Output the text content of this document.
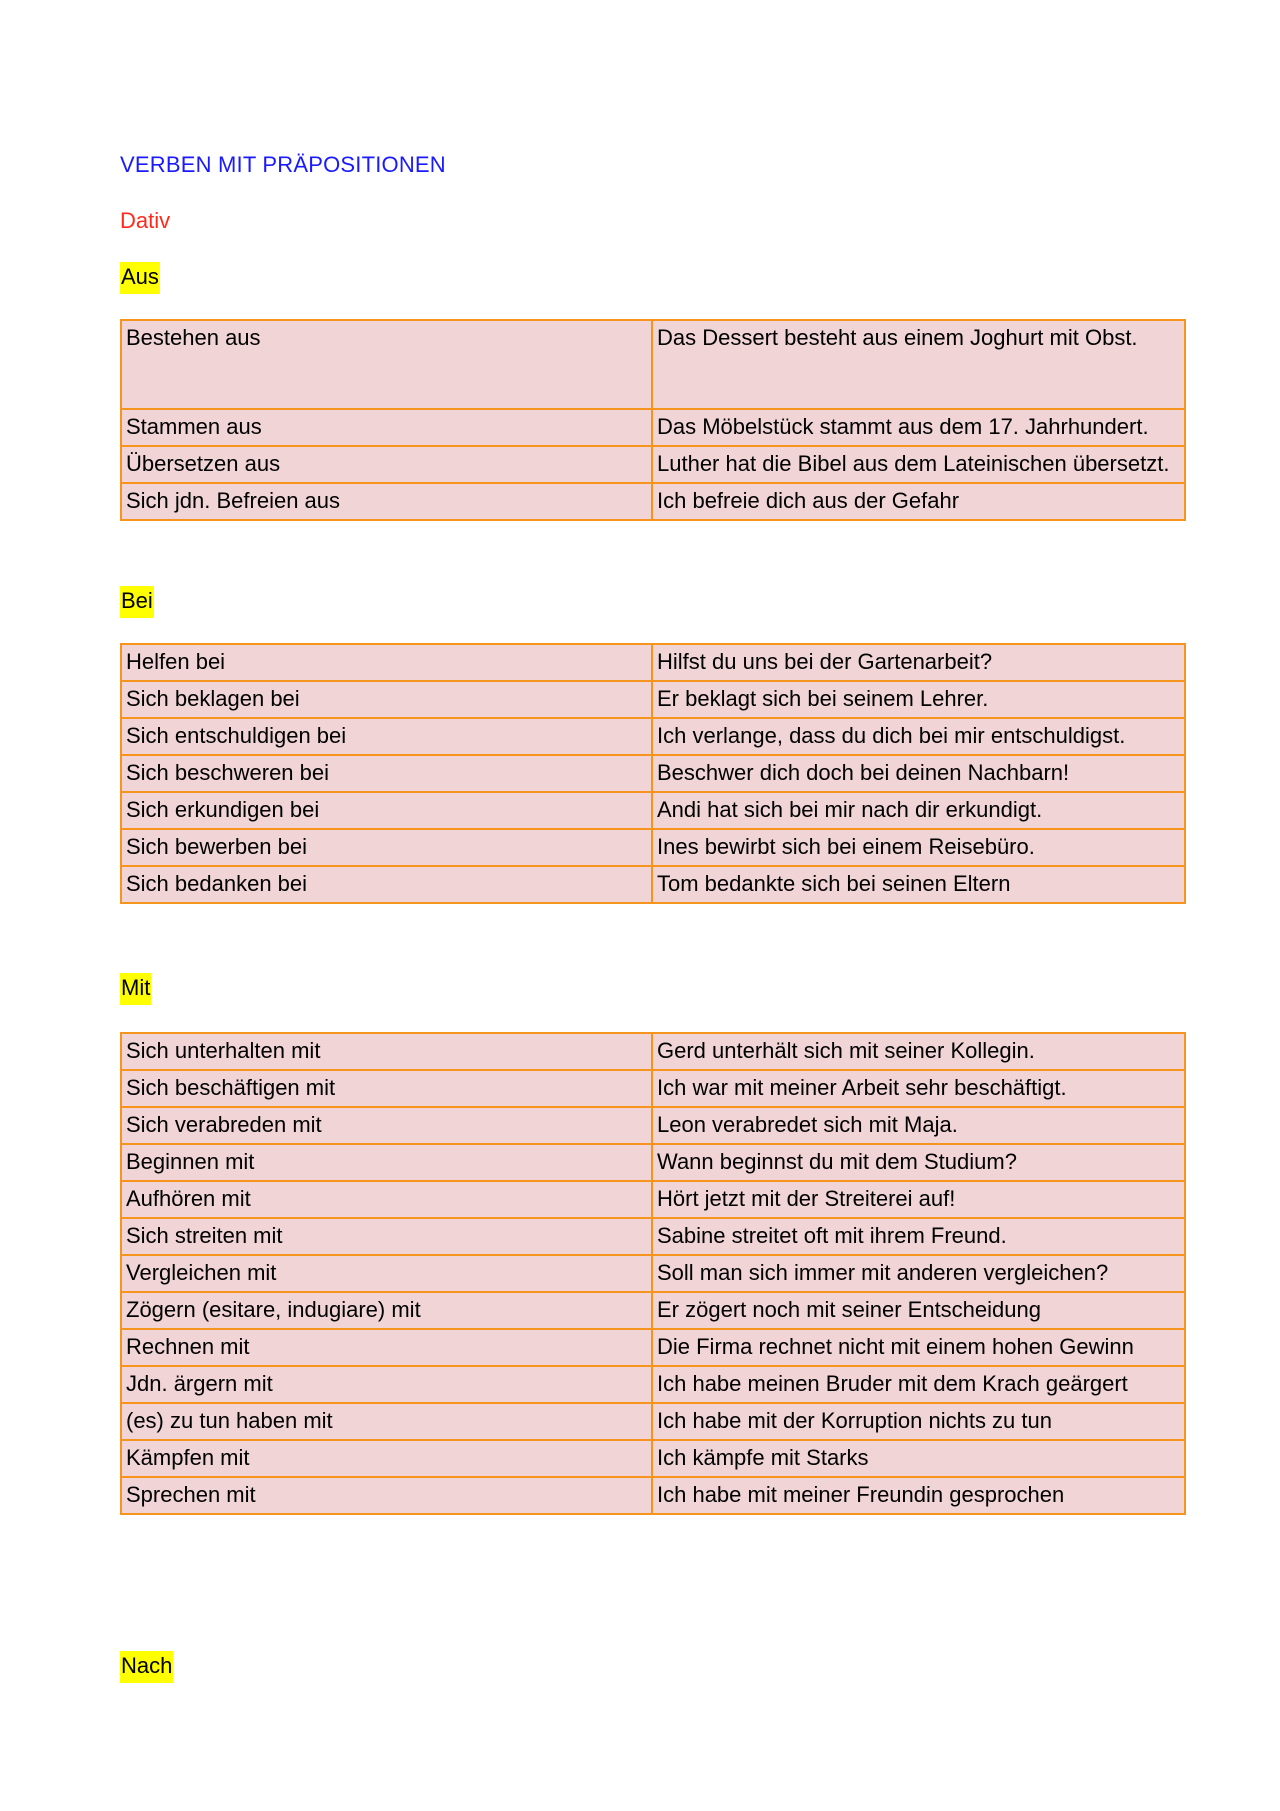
VERBEN MIT PRÄPOSITIONEN
Dativ
Aus
Bestehen aus	Das Dessert besteht aus einem Joghurt mit Obst.
Stammen aus	Das Möbelstück stammt aus dem 17. Jahrhundert.
Übersetzen aus	Luther hat die Bibel aus dem Lateinischen übersetzt.
Sich jdn. Befreien aus	Ich befreie dich aus der Gefahr
Bei
Helfen bei	Hilfst du uns bei der Gartenarbeit?
Sich beklagen bei	Er beklagt sich bei seinem Lehrer.
Sich entschuldigen bei	Ich verlange, dass du dich bei mir entschuldigst.
Sich beschweren bei	Beschwer dich doch bei deinen Nachbarn!
Sich erkundigen bei	Andi hat sich bei mir nach dir erkundigt.
Sich bewerben bei	Ines bewirbt sich bei einem Reisebüro.
Sich bedanken bei	Tom bedankte sich bei seinen Eltern
Mit
Sich unterhalten mit	Gerd unterhält sich mit seiner Kollegin.
Sich beschäftigen mit	Ich war mit meiner Arbeit sehr beschäftigt.
Sich verabreden mit	Leon verabredet sich mit Maja.
Beginnen mit	Wann beginnst du mit dem Studium?
Aufhören mit	Hört jetzt mit der Streiterei auf!
Sich streiten mit	Sabine streitet oft mit ihrem Freund.
Vergleichen mit	Soll man sich immer mit anderen vergleichen?
Zögern (esitare, indugiare) mit	Er zögert noch mit seiner Entscheidung
Rechnen mit	Die Firma rechnet nicht mit einem hohen Gewinn
Jdn. ärgern mit	Ich habe meinen Bruder mit dem Krach geärgert
(es) zu tun haben mit	Ich habe mit der Korruption nichts zu tun
Kämpfen mit	Ich kämpfe mit Starks
Sprechen mit	Ich habe mit meiner Freundin gesprochen
Nach
